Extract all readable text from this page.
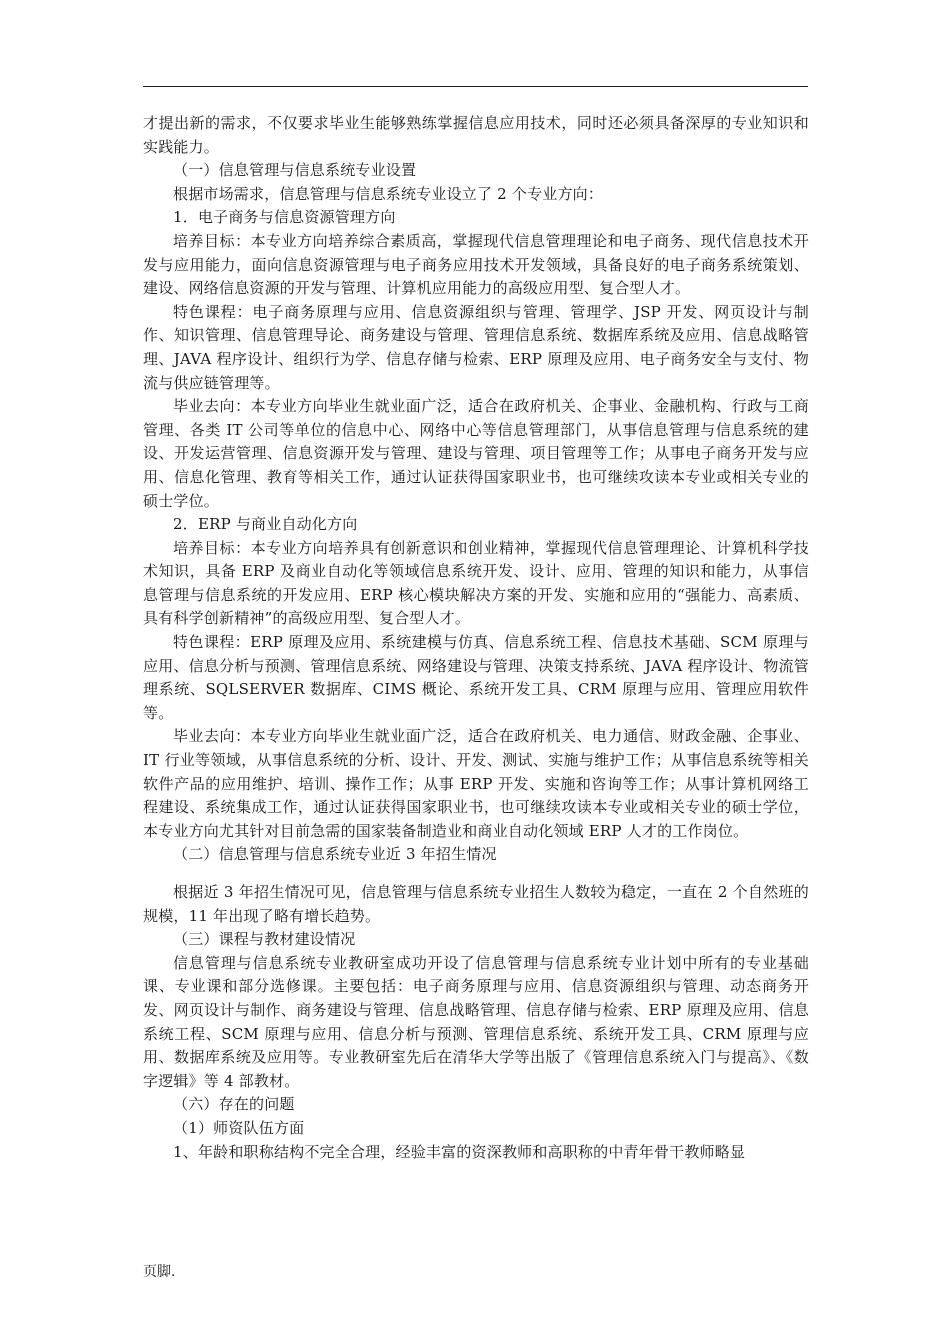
才提出新的需求，不仅要求毕业生能够熟练掌握信息应用技术，同时还必须具备深厚的专业知识和实践能力。

（一）信息管理与信息系统专业设置

根据市场需求，信息管理与信息系统专业设立了 2 个专业方向：

1．电子商务与信息资源管理方向

培养目标：本专业方向培养综合素质高，掌握现代信息管理理论和电子商务、现代信息技术开发与应用能力，面向信息资源管理与电子商务应用技术开发领域，具备良好的电子商务系统策划、建设、网络信息资源的开发与管理、计算机应用能力的高级应用型、复合型人才。

特色课程：电子商务原理与应用、信息资源组织与管理、管理学、JSP 开发、网页设计与制作、知识管理、信息管理导论、商务建设与管理、管理信息系统、数据库系统及应用、信息战略管理、JAVA 程序设计、组织行为学、信息存储与检索、ERP 原理及应用、电子商务安全与支付、物流与供应链管理等。

毕业去向：本专业方向毕业生就业面广泛，适合在政府机关、企事业、金融机构、行政与工商管理、各类 IT 公司等单位的信息中心、网络中心等信息管理部门，从事信息管理与信息系统的建设、开发运营管理、信息资源开发与管理、建设与管理、项目管理等工作；从事电子商务开发与应用、信息化管理、教育等相关工作，通过认证获得国家职业书，也可继续攻读本专业或相关专业的硕士学位。

2．ERP 与商业自动化方向

培养目标：本专业方向培养具有创新意识和创业精神，掌握现代信息管理理论、计算机科学技术知识，具备 ERP 及商业自动化等领域信息系统开发、设计、应用、管理的知识和能力，从事信息管理与信息系统的开发应用、ERP 核心模块解决方案的开发、实施和应用的“强能力、高素质、具有科学创新精神”的高级应用型、复合型人才。

特色课程：ERP 原理及应用、系统建模与仿真、信息系统工程、信息技术基础、SCM 原理与应用、信息分析与预测、管理信息系统、网络建设与管理、决策支持系统、JAVA 程序设计、物流管理系统、SQLSERVER 数据库、CIMS 概论、系统开发工具、CRM 原理与应用、管理应用软件等。

毕业去向：本专业方向毕业生就业面广泛，适合在政府机关、电力通信、财政金融、企事业、IT 行业等领域，从事信息系统的分析、设计、开发、测试、实施与维护工作；从事信息系统等相关软件产品的应用维护、培训、操作工作；从事 ERP 开发、实施和咨询等工作；从事计算机网络工程建设、系统集成工作，通过认证获得国家职业书，也可继续攻读本专业或相关专业的硕士学位，本专业方向尤其针对目前急需的国家装备制造业和商业自动化领域 ERP 人才的工作岗位。

（二）信息管理与信息系统专业近 3 年招生情况

根据近 3 年招生情况可见，信息管理与信息系统专业招生人数较为稳定，一直在 2 个自然班的规模，11 年出现了略有增长趋势。

（三）课程与教材建设情况

信息管理与信息系统专业教研室成功开设了信息管理与信息系统专业计划中所有的专业基础课、专业课和部分选修课。主要包括：电子商务原理与应用、信息资源组织与管理、动态商务开发、网页设计与制作、商务建设与管理、信息战略管理、信息存储与检索、ERP 原理及应用、信息系统工程、SCM 原理与应用、信息分析与预测、管理信息系统、系统开发工具、CRM 原理与应用、数据库系统及应用等。专业教研室先后在清华大学等出版了《管理信息系统入门与提高》、《数字逻辑》等 4 部教材。

（六）存在的问题

（1）师资队伍方面

1、年龄和职称结构不完全合理，经验丰富的资深教师和高职称的中青年骨干教师略显

页脚.
